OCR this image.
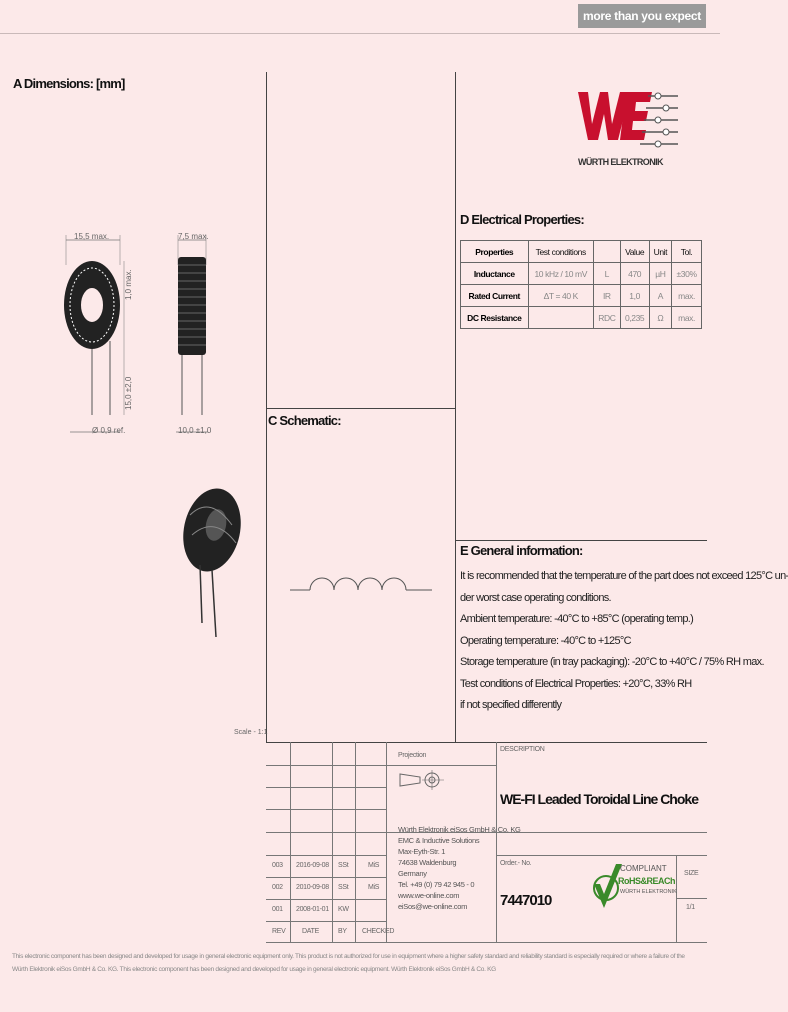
more than you expect
A Dimensions: [mm]
C Schematic:
D Electrical Properties:
E General information:
WÜRTH ELEKTRONIK
15,5 max.	7,5 max.
1,0 max.
15,0 ±2,0
Ø 0,9 ref.	10,0 ±1,0
Scale - 1:1
Properties	Test conditions		Value	Unit	Tol.
Inductance	10 kHz / 10 mV	L	470	µH	±30%
Rated Current	ΔT = 40 K	IR	1,0	A	max.
DC Resistance		RDC	0,235	Ω	max.
It is recommended that the temperature of the part does not exceed 125°C un-
der worst case operating conditions.
Ambient temperature: -40°C to +85°C (operating temp.)
Operating temperature: -40°C to +125°C
Storage temperature (in tray packaging): -20°C to +40°C / 75% RH max.
Test conditions of Electrical Properties: +20°C, 33% RH
if not specified differently
Projection
Würth Elektronik eiSos GmbH & Co. KG
EMC & Inductive Solutions
Max-Eyth-Str. 1
74638 Waldenburg
Germany
Tel. +49 (0) 79 42 945 - 0
www.we-online.com
eiSos@we-online.com
003 2016-09-08 SSt	MiS
002 2010-09-08 SSt	MiS
001 2008-01-01 KW
REV DATE	BY CHECKED
DESCRIPTION
WE-FI Leaded Toroidal Line Choke
Order.- No.
7447010
COMPLIANT
RoHS&REACh
WÜRTH ELEKTRONIK
SIZE
1/1
This electronic component has been designed and developed for usage in general electronic equipment only. This product is not authorized for use in equipment where a higher safety standard and reliability standard is especially required or where a failure of the
Würth Elektronik eiSos GmbH & Co. KG. This electronic component has been designed and developed for usage in general electronic equipment. Würth Elektronik eiSos GmbH & Co. KG
